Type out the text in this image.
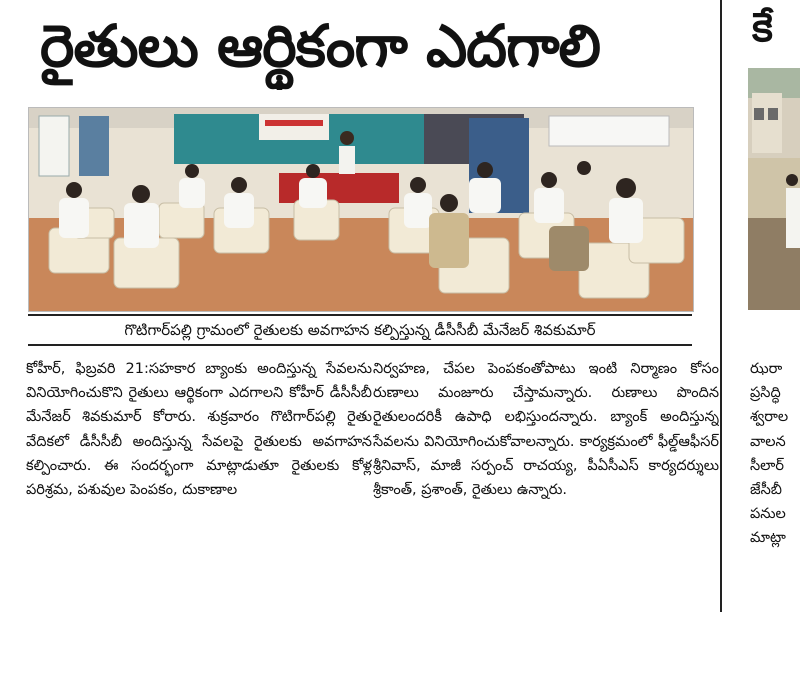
రైతులు ఆర్థికంగా ఎదగాలి	కే
గొటిగార్‌పల్లి గ్రామంలో రైతులకు అవగాహన కల్పిస్తున్న డీసీసీబీ మేనేజర్‌ శివకుమార్‌
కోహీర్, ఫిబ్రవరి 21:సహకార బ్యాంకు అందిస్తున్న సేవలను వినియోగించుకొని రైతులు ఆర్థికంగా ఎదగాలని కోహీర్ డీసీసీబీ మేనేజర్ శివకుమార్ కోరారు. శుక్రవారం గొటిగార్‌పల్లి రైతు వేదికలో డీసీసీబీ అందిస్తున్న సేవలపై రైతులకు అవగాహన కల్పించారు. ఈ సందర్భంగా మాట్లాడుతూ రైతులకు కోళ్ల పరిశ్రమ, పశువుల పెంపకం, దుకాణాల
నిర్వహణ, చేపల పెంపకంతోపాటు ఇంటి నిర్మాణం కోసం రుణాలు మంజూరు చేస్తామన్నారు. రుణాలు పొందిన రైతులందరికీ ఉపాధి లభిస్తుందన్నారు. బ్యాంక్ అందిస్తున్న సేవలను వినియోగించుకోవాలన్నారు. కార్యక్రమంలో ఫీల్డ్‌ఆఫీసర్ శ్రీనివాస్, మాజీ సర్పంచ్ రాచయ్య, పీఏసీఎస్ కార్యదర్శులు శ్రీకాంత్, ప్రశాంత్, రైతులు ఉన్నారు.
ఝరా
ప్రసిద్ధి
శ్వరాల
వాలన
సీలార్
జేసీబీ
పనుల
మాట్లా
